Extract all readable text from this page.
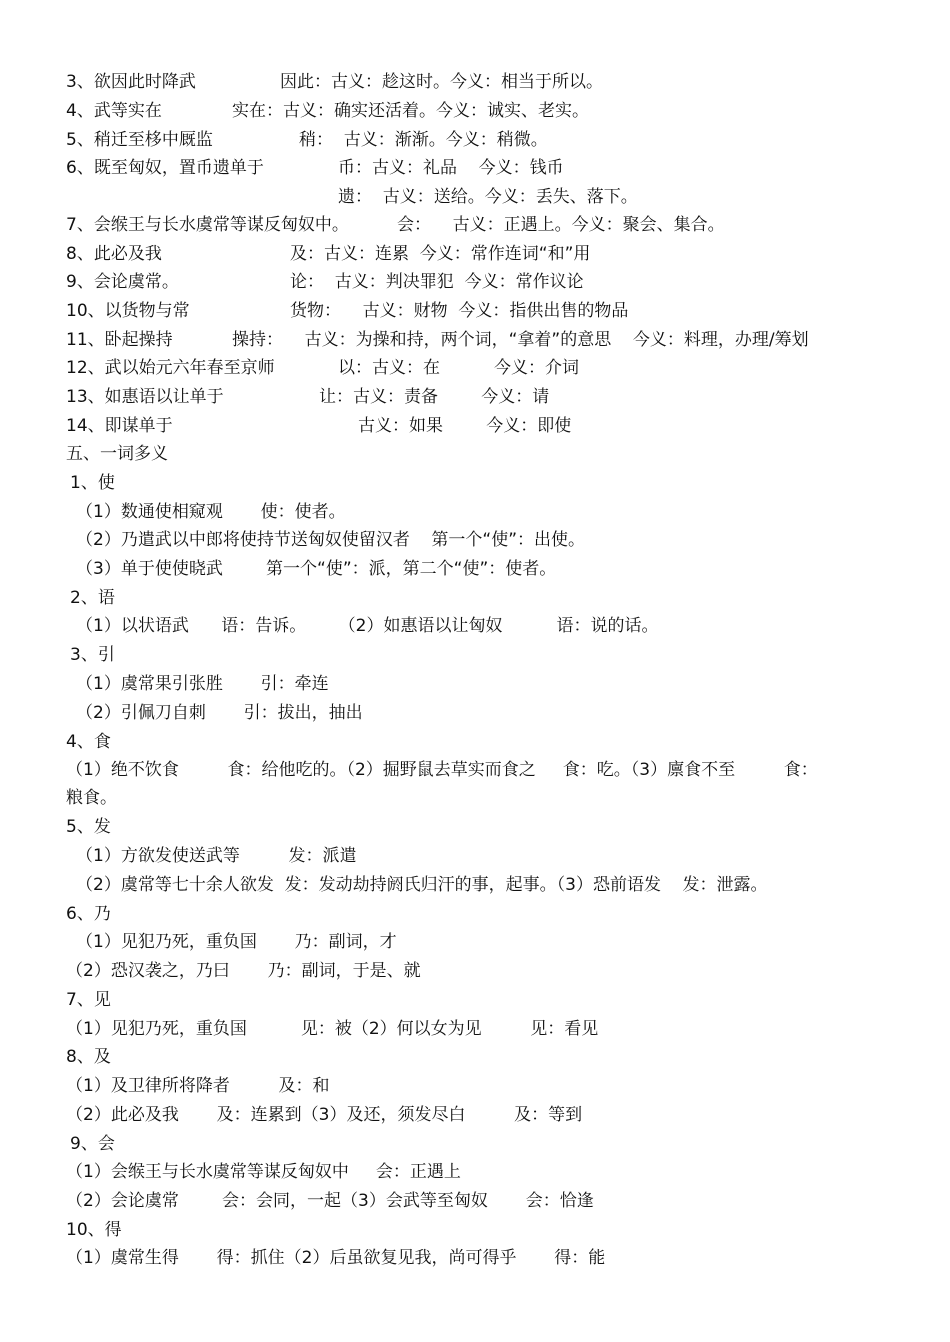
3、欲因此时降武	因此：古义：趁这时。今义：相当于所以。
4、武等实在	实在：古义：确实还活着。今义：诚实、老实。
5、稍迁至栘中厩监	稍：  古义：渐渐。今义：稍微。
6、既至匈奴，置币遗单于	币：古义：礼品    今义：钱币
遗：  古义：送给。今义：丢失、落下。
7、会缑王与长水虞常等谋反匈奴中。	会：    古义：正遇上。今义：聚会、集合。
8、此必及我	及：古义：连累  今义：常作连词“和”用
9、会论虞常。	论：  古义：判决罪犯  今义：常作议论
10、以货物与常	货物：    古义：财物  今义：指供出售的物品
11、卧起操持	操持：    古义：为操和持，两个词，“拿着”的意思    今义：料理，办理/筹划
12、武以始元六年春至京师	以：古义：在          今义：介词
13、如惠语以让单于	让：古义：责备        今义：请
14、即谋单于	古义：如果        今义：即使
五、一词多义
1、使
（1）数通使相窥观       使：使者。
（2）乃遣武以中郎将使持节送匈奴使留汉者    第一个“使”：出使。
（3）单于使使晓武        第一个“使”：派，第二个“使”：使者。
2、语
（1）以状语武      语：告诉。      （2）如惠语以让匈奴          语：说的话。
3、引
（1）虞常果引张胜       引：牵连
（2）引佩刀自刺       引：拔出，抽出
4、食
（1）绝不饮食         食：给他吃的。（2）掘野鼠去草实而食之     食：吃。（3）廪食不至         食：
粮食。
5、发
（1）方欲发使送武等         发：派遣
（2）虞常等七十余人欲发  发：发动劫持阏氏归汗的事，起事。（3）恐前语发    发：泄露。
6、乃
（1）见犯乃死，重负国       乃：副词，才
（2）恐汉袭之，乃曰       乃：副词，于是、就
7、见
（1）见犯乃死，重负国          见：被（2）何以女为见         见：看见
8、及
（1）及卫律所将降者         及：和
（2）此必及我       及：连累到（3）及还，须发尽白         及：等到
9、会
（1）会缑王与长水虞常等谋反匈奴中     会：正遇上
（2）会论虞常        会：会同，一起（3）会武等至匈奴       会：恰逢
10、得
（1）虞常生得       得：抓住（2）后虽欲复见我，尚可得乎       得：能
